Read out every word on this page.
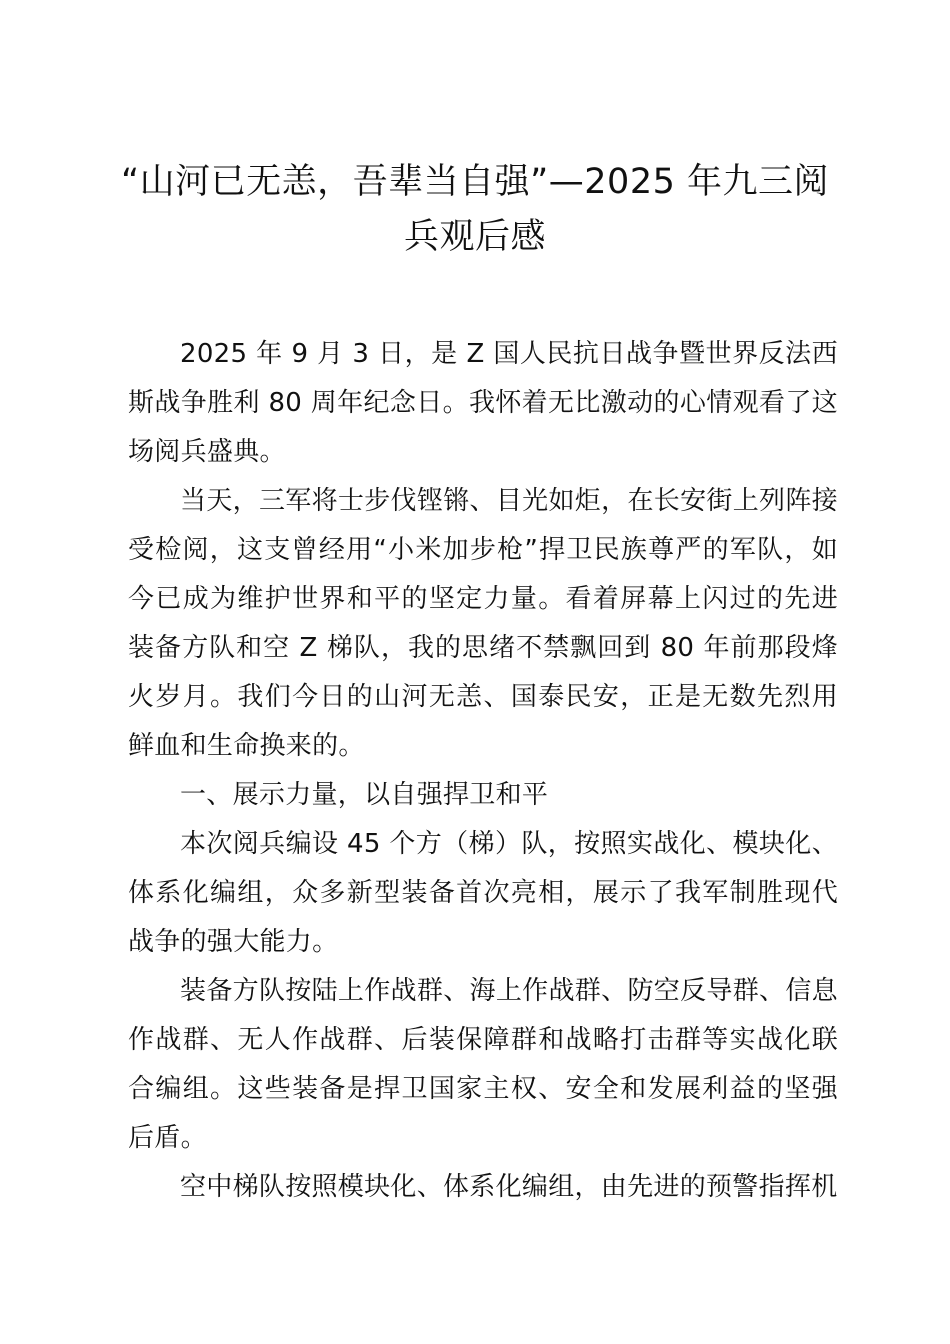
“山河已无恙，吾辈当自强”—2025 年九三阅
兵观后感

2025 年 9 月 3 日，是 Z 国人民抗日战争暨世界反法西斯战争胜利 80 周年纪念日。我怀着无比激动的心情观看了这场阅兵盛典。

当天，三军将士步伐铿锵、目光如炬，在长安街上列阵接受检阅，这支曾经用“小米加步枪”捍卫民族尊严的军队，如今已成为维护世界和平的坚定力量。看着屏幕上闪过的先进装备方队和空 Z 梯队，我的思绪不禁飘回到 80 年前那段烽火岁月。我们今日的山河无恙、国泰民安，正是无数先烈用鲜血和生命换来的。

一、展示力量，以自强捍卫和平

本次阅兵编设 45 个方（梯）队，按照实战化、模块化、体系化编组，众多新型装备首次亮相，展示了我军制胜现代战争的强大能力。

装备方队按陆上作战群、海上作战群、防空反导群、信息作战群、无人作战群、后装保障群和战略打击群等实战化联合编组。这些装备是捍卫国家主权、安全和发展利益的坚强后盾。

空中梯队按照模块化、体系化编组，由先进的预警指挥机
